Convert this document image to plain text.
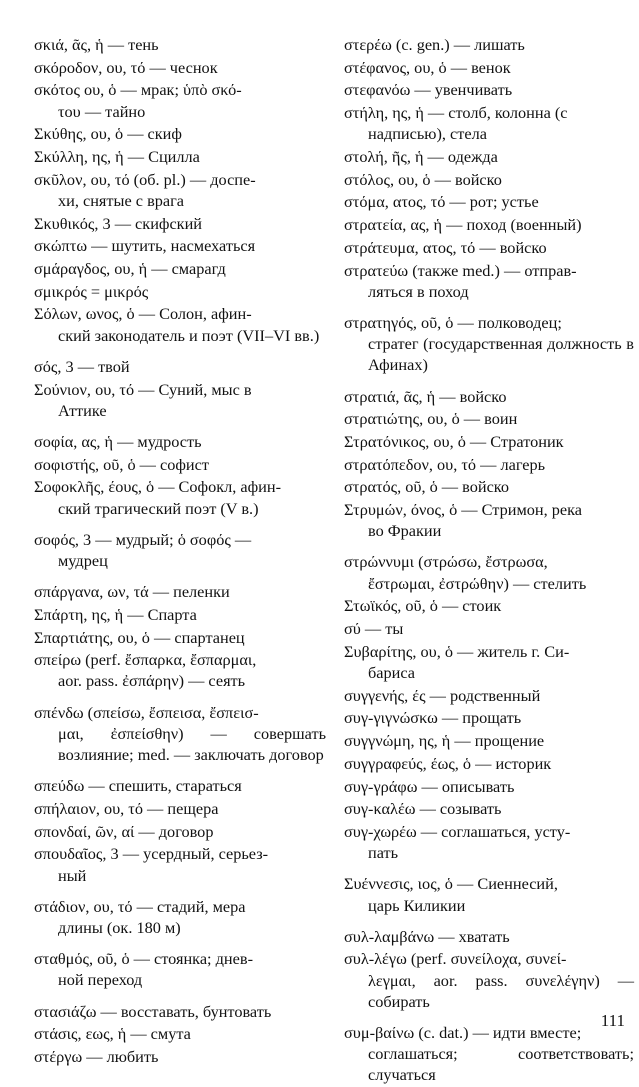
σκιά, ᾶς, ἡ — тень
σκόροδον, ου, τό — чеснок
σκότος ου, ὁ — мрак; ὑπὸ σκό-
του — тайно
Σκύθης, ου, ὁ — скиф
Σκύλλη, ης, ἡ — Сцилла
σκῦλον, ου, τό (об. pl.) — доспе-
хи, снятые с врага
Σκυθικός, 3 — скифский
σκώπτω — шутить, насмехаться
σμάραγδος, ου, ἡ — смарагд
σμικρός = μικρός
Σόλων, ωνος, ὁ — Солон, афин-
ский законодатель и поэт (VII–VI вв.)
σός, 3 — твой
Σούνιον, ου, τό — Суний, мыс в
Аттике
σοφία, ας, ἡ — мудрость
σοφιστής, οῦ, ὁ — софист
Σοφοκλῆς, έους, ὁ — Софокл, афин-
ский трагический поэт (V в.)
σοφός, 3 — мудрый; ὁ σοφός —
мудрец
σπάργανα, ων, τά — пеленки
Σπάρτη, ης, ἡ — Спарта
Σπαρτιάτης, ου, ὁ — спартанец
σπείρω (perf. ἔσπαρκα, ἔσπαρμαι,
aor. pass. ἐσπάρην) — сеять
σπένδω (σπείσω, ἔσπεισα, ἔσπεισ-
μαι, ἐσπείσθην) — совершать возлияние; med. — заключать договор
σπεύδω — спешить, стараться
σπήλαιον, ου, τό — пещера
σπονδαί, ῶν, αί — договор
σπουδαῖος, 3 — усердный, серьез-
ный
στάδιον, ου, τό — стадий, мера
длины (ок. 180 м)
σταθμός, οῦ, ὁ — стоянка; днев-
ной переход
στασιάζω — восставать, бунтовать
στάσις, εως, ἡ — смута
στέργω — любить
στερέω (c. gen.) — лишать
στέφανος, ου, ὁ — венок
στεφανόω — увенчивать
στήλη, ης, ἡ — столб, колонна (с
надписью), стела
στολή, ῆς, ἡ — одежда
στόλος, ου, ὁ — войско
στόμα, ατος, τό — рот; устье
στρατεία, ας, ἡ — поход (военный)
στράτευμα, ατος, τό — войско
στρατεύω (также med.) — отправ-
ляться в поход
στρατηγός, οῦ, ὁ — полководец;
стратег (государственная должность в Афинах)
στρατιά, ᾶς, ἡ — войско
στρατιώτης, ου, ὁ — воин
Στρατόνικος, ου, ὁ — Стратоник
στρατόπεδον, ου, τό — лагерь
στρατός, οῦ, ὁ — войско
Στρυμών, όνος, ὁ — Стримон, река
во Фракии
στρώννυμι (στρώσω, ἔστρωσα,
ἔστρωμαι, ἐστρώθην) — стелить
Στωϊκός, οῦ, ὁ — стоик
σύ — ты
Συβαρίτης, ου, ὁ — житель г. Си-
бариса
συγγενής, ές — родственный
συγ-γιγνώσκω — прощать
συγγνώμη, ης, ἡ — прощение
συγγραφεύς, έως, ὁ — историк
συγ-γράφω — описывать
συγ-καλέω — созывать
συγ-χωρέω — соглашаться, усту-
пать
Συέννεσις, ιος, ὁ — Сиеннесий,
царь Киликии
συλ-λαμβάνω — хватать
συλ-λέγω (perf. συνείλοχα, συνεί-
λεγμαι, aor. pass. συνελέγην) — собирать
συμ-βαίνω (c. dat.) — идти вместе;
соглашаться; соответствовать; случаться
111
